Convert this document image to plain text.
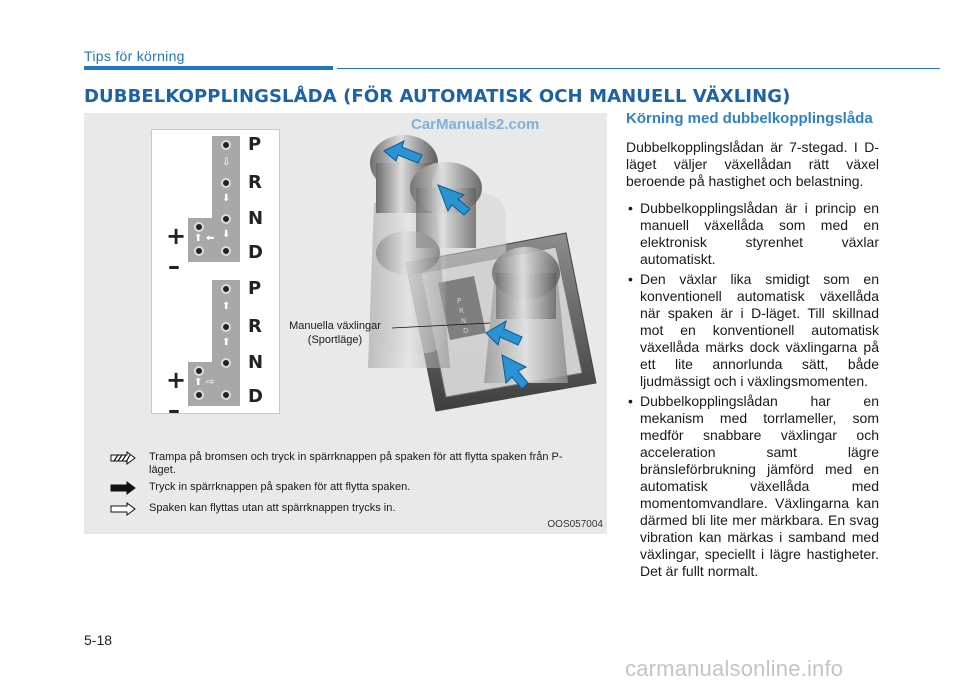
Tips för körning
DUBBELKOPPLINGSLÅDA (FÖR AUTOMATISK OCH MANUELL VÄXLING)
CarManuals2.com
⇩
⬇
⬇
⬆ ⬅
⬆
⬆
⇨
⬆
P
R
N
D
P
R
N
D
+
–
+
–
Manuella växlingar (Sportläge)
Trampa på bromsen och tryck in spärrknappen på spaken för att flytta spaken från P-läget.
Tryck in spärrknappen på spaken för att flytta spaken.
Spaken kan flyttas utan att spärrknappen trycks in.
OOS057004
Körning med dubbelkopplingslåda

Dubbelkopplingslådan är 7-stegad. I D-läget väljer växellådan rätt växel beroende på hastighet och belastning.

• Dubbelkopplingslådan är i princip en manuell växellåda som med en elektronisk styrenhet växlar automatiskt.
• Den växlar lika smidigt som en konventionell automatisk växellåda när spaken är i D-läget. Till skillnad mot en konventionell automatisk växellåda märks dock växlingarna på ett lite annorlunda sätt, både ljudmässigt och i växlingsmomenten.
• Dubbelkopplingslådan har en mekanism med torrlameller, som medför snabbare växlingar och acceleration samt lägre bränsleförbrukning jämförd med en automatisk växellåda med momentomvandlare. Växlingarna kan därmed bli lite mer märkbara. En svag vibration kan märkas i samband med växlingar, speciellt i lägre hastigheter. Det är fullt normalt.
5-18
carmanualsonline.info
